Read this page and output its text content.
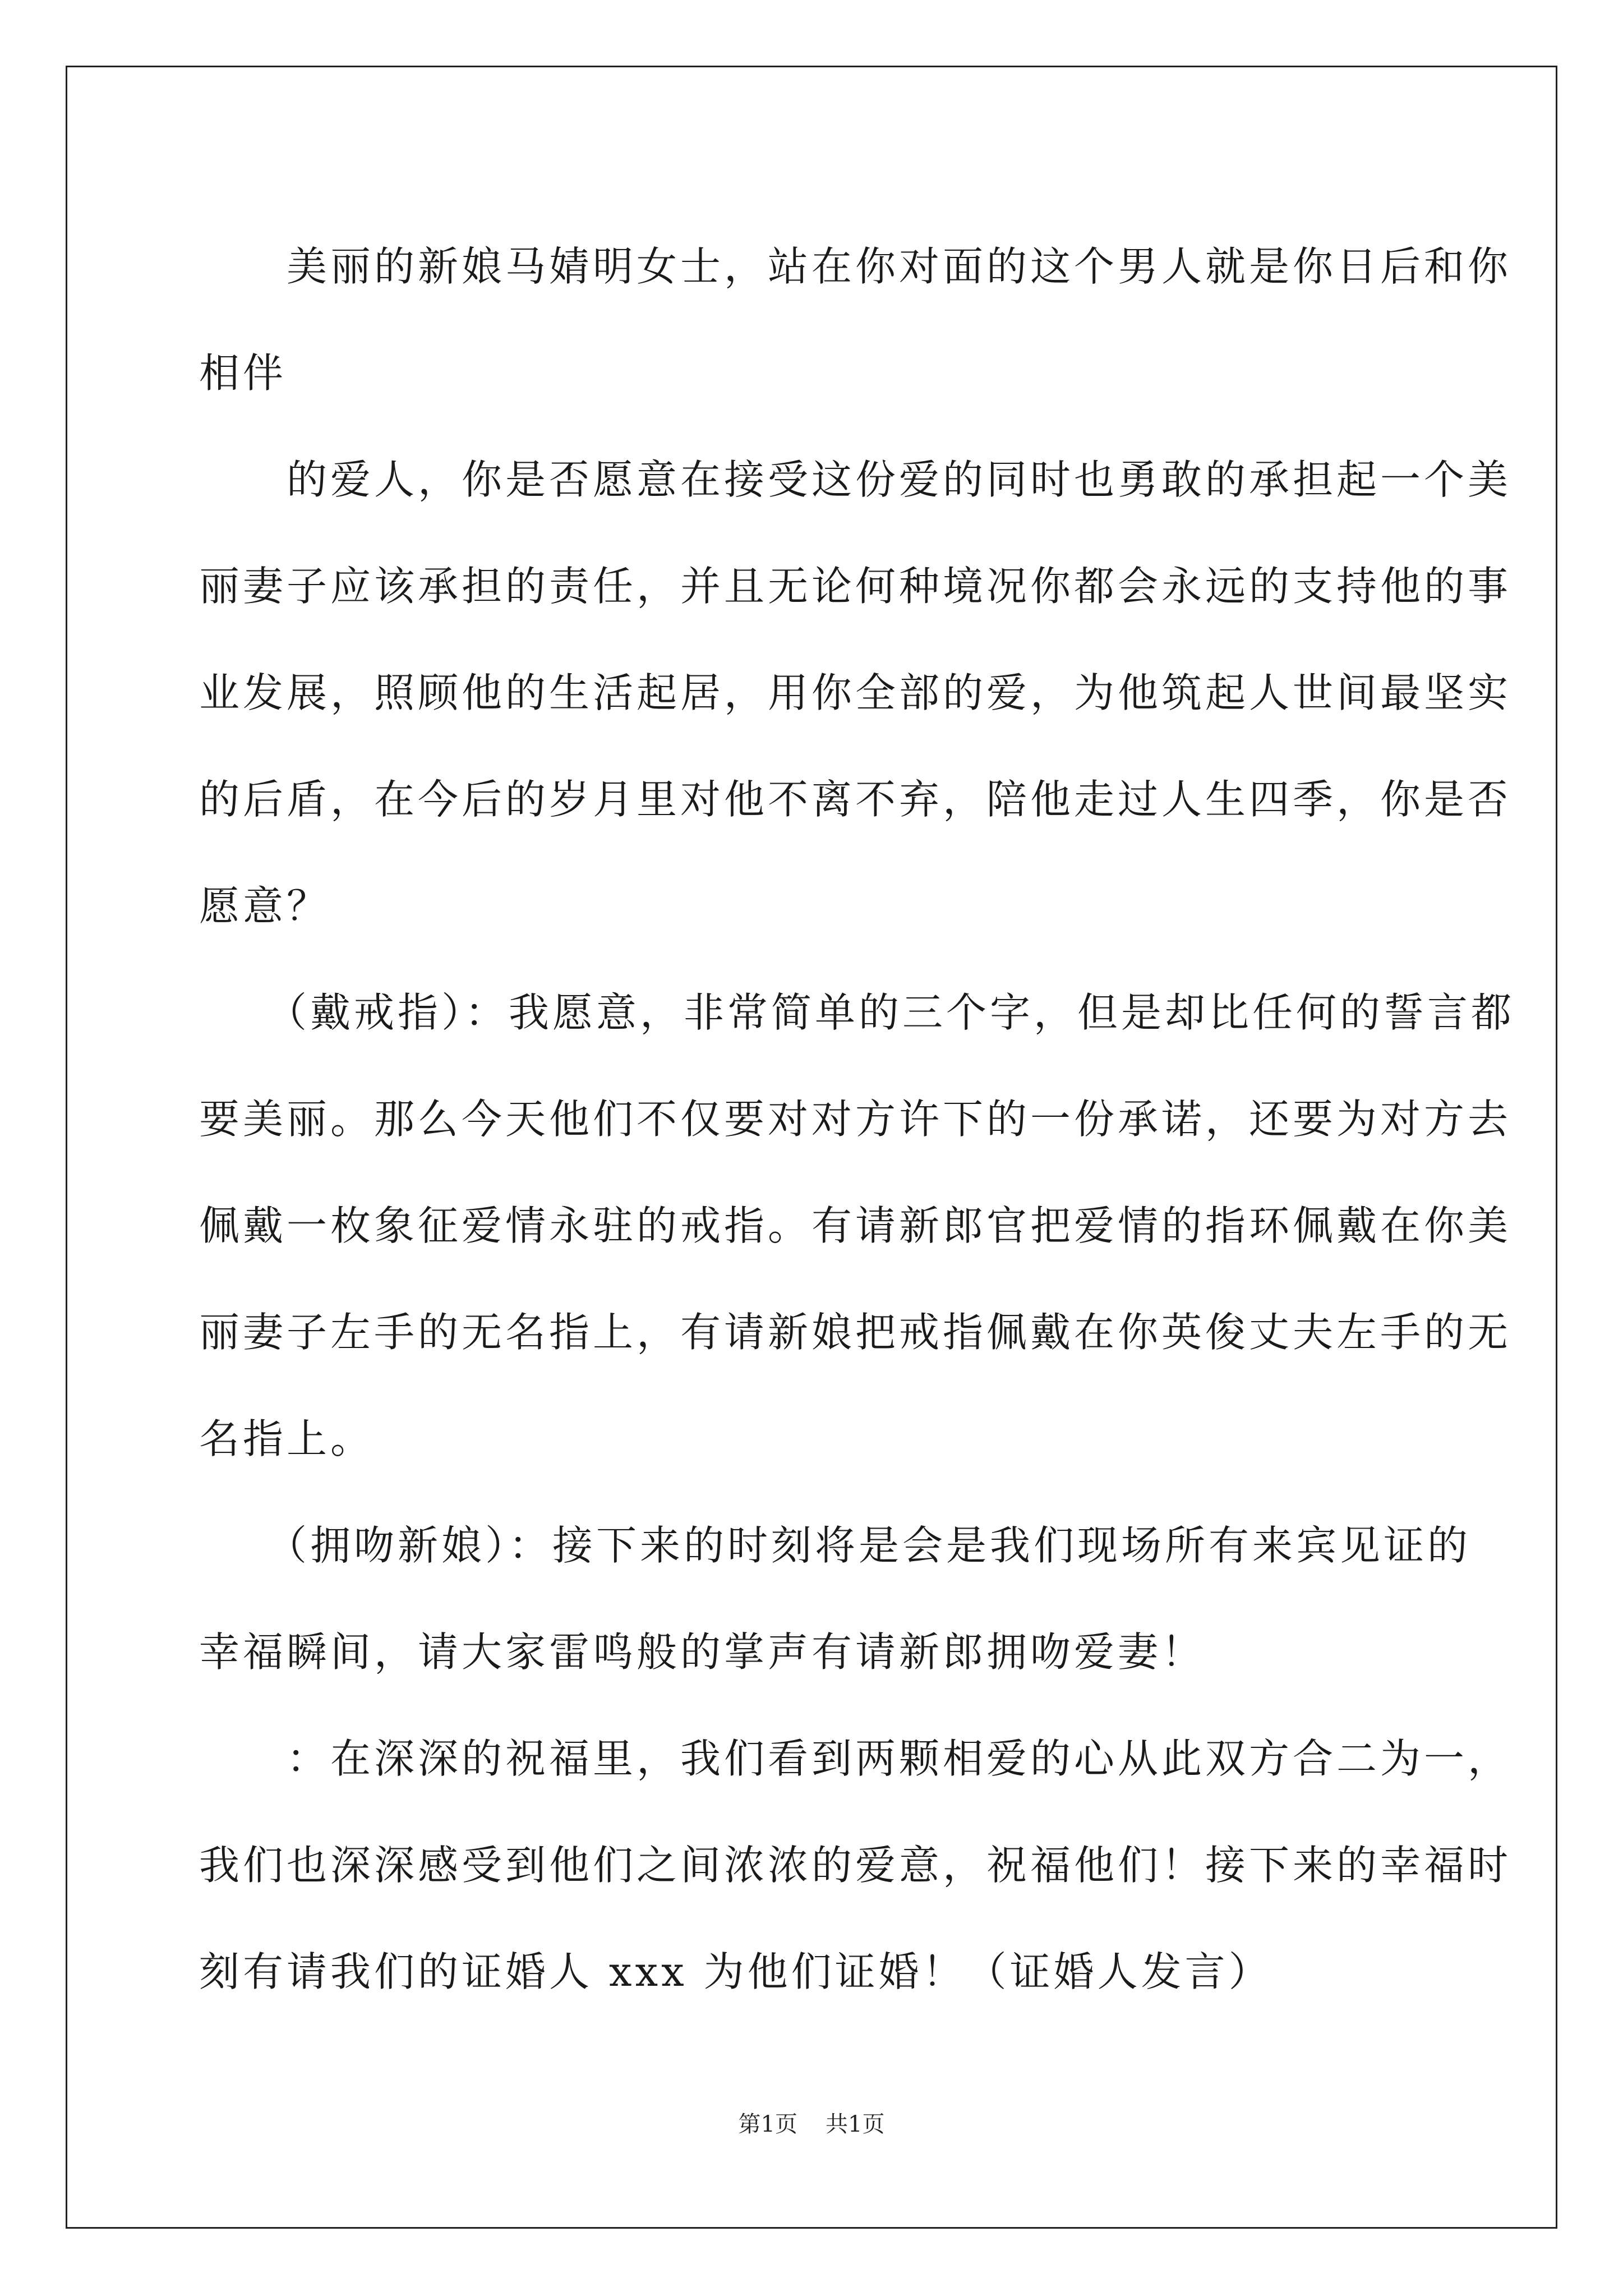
　　美丽的新娘马婧明女士，站在你对面的这个男人就是你日后和你
相伴
　　的爱人，你是否愿意在接受这份爱的同时也勇敢的承担起一个美
丽妻子应该承担的责任，并且无论何种境况你都会永远的支持他的事
业发展，照顾他的生活起居，用你全部的爱，为他筑起人世间最坚实
的后盾，在今后的岁月里对他不离不弃，陪他走过人生四季，你是否
愿意？
　　（戴戒指）：我愿意，非常简单的三个字，但是却比任何的誓言都
要美丽。那么今天他们不仅要对对方许下的一份承诺，还要为对方去
佩戴一枚象征爱情永驻的戒指。有请新郎官把爱情的指环佩戴在你美
丽妻子左手的无名指上，有请新娘把戒指佩戴在你英俊丈夫左手的无
名指上。
　　（拥吻新娘）：接下来的时刻将是会是我们现场所有来宾见证的
幸福瞬间，请大家雷鸣般的掌声有请新郎拥吻爱妻！
　　：在深深的祝福里，我们看到两颗相爱的心从此双方合二为一，
我们也深深感受到他们之间浓浓的爱意，祝福他们！接下来的幸福时
刻有请我们的证婚人 xxx 为他们证婚！（证婚人发言）
第1页 共1页
